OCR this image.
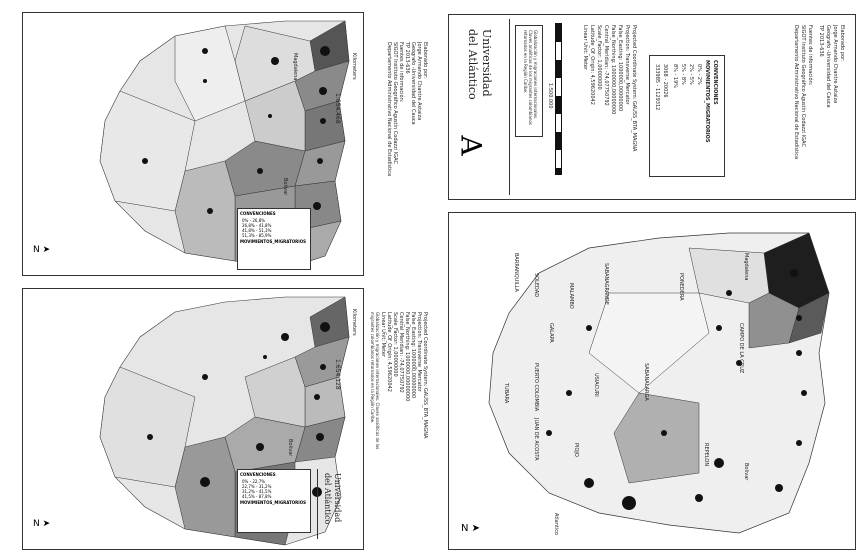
Magdalena
Bolivar
1:654.468
Kilometers
CONVENCIONES
0% - 26,8%
26,8% - 41,8%
41,8% - 51,3%
51,3% - 85,9%
MOVIMIENTOS_MIGRATORIOS
N ➤
Bolivar
1:654.128
Kilometers
CONVENCIONES
0% - 22,7%
22,7% - 31,2%
31,2% - 41,5%
41,5% - 87,8%
MOVIMIENTOS_MIGRATORIOS	Universidad
del Atlántico
N ➤
Projected Coordinate System: GAUSS_BTA_MAGNA
Projection: Transverse_Mercator
False_Easting: 1000000,00000000
False_Northing: 1000000,00000000
Central_Meridian: -74,07750792
Scale_Factor: 1,00000000
Latitude_Of_Origin: 4,59620042
Linear Unit: Meter
Elaborado por:
Jorge Armando Chantre Astaiza
Geógrafo -Universidad del Cauca
TP 2013-636
Fuentes de información:
SIGOT Instituto Geográfico Agustín Codazzi IGAC
Departamento Administrativo Nacional de Estadística
Globalización y migraciones internacionales. Claves analíticas de los migrantes colombianos retornados en la Región Caribe.
A
Universidad
del Atlántico	Globalización y migraciones internacionales. Claves analíticas de los migrantes colombianos retornados en la Región Caribe.
1:500.000	Projected Coordinate System: GAUSS_BTA_MAGNA
Projection: Transverse_Mercator
False_Easting: 1000000,00000000
False_Northing: 1000000,00000000
Central_Meridian: -74,07750792
Scale_Factor: 1,00000000
Latitude_Of_Origin: 4,59620042
Linear Unit: Meter
CONVENCIONES
MOVIMIENTOS_MIGRATORIOS
0% - 2%
2% - 5%
5% - 8%
8% - 19%
3068 - 20026
333985 - 1129312
Elaborado por:
Jorge Armando Chantre Astaiza
Geógrafo -Universidad del Cauca
TP 2013-636
Fuentes de información:
SIGOT Instituto Geográfico Agustín Codazzi IGAC
Departamento Administrativo Nacional de Estadística
Magdalena
Bolivar
Atlantico
PUERTO COLOMBIA
BARRANQUILLA	SOLEDAD	MALAMBO
GALAPA
TUBARA
JUAN DE ACOSTA	PIOJO
USIACURI	SABANALARGA
SABANAGRANDE	PONEDERA
CAMPO DE LA CRUZ
REPELON
N ➤
